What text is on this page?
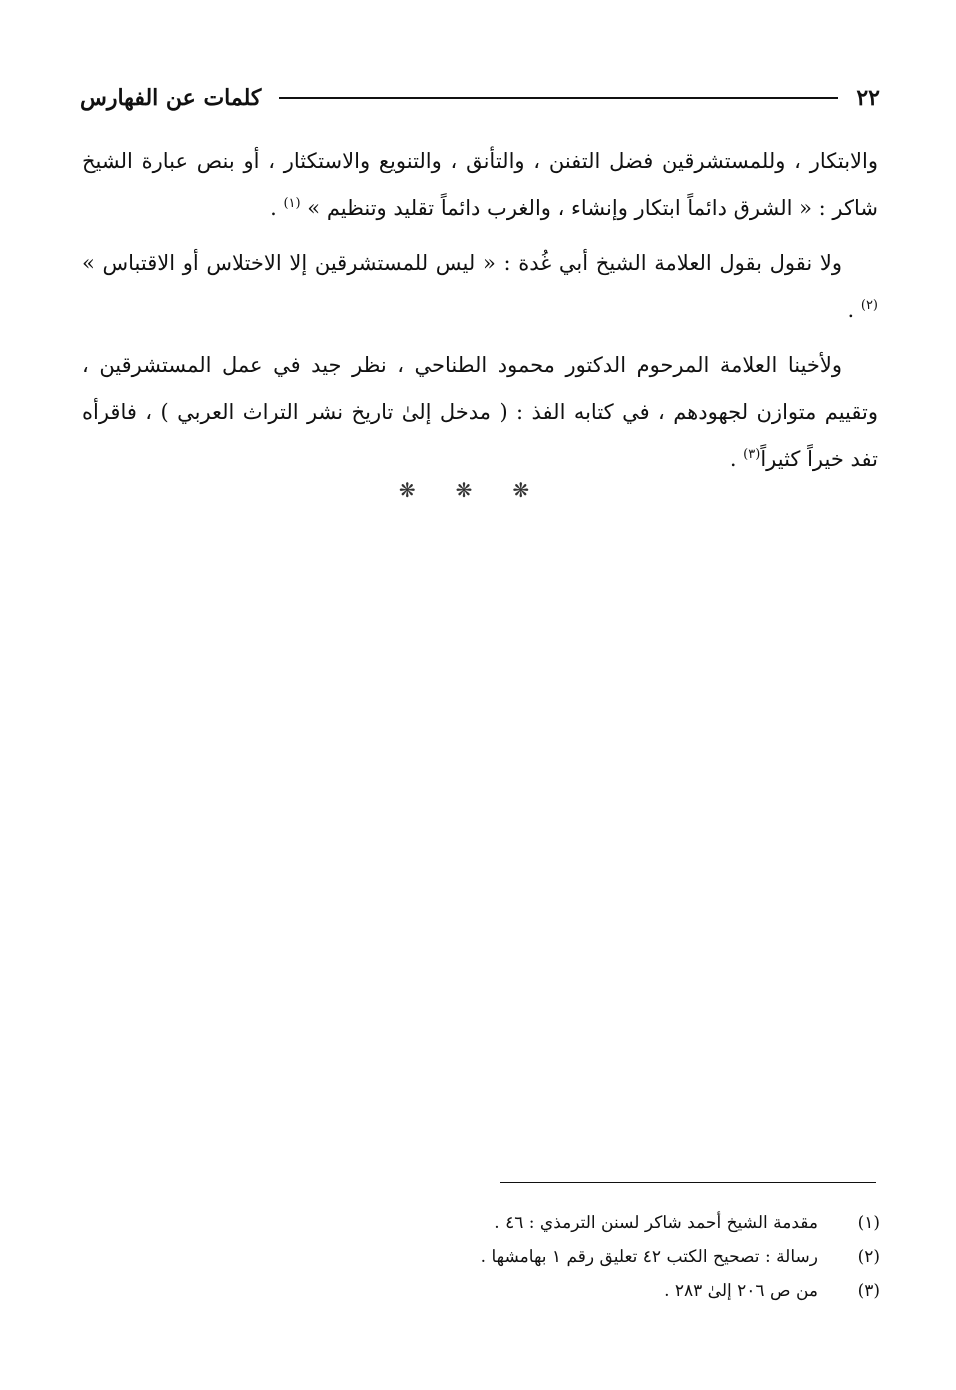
٢٢
كلمات عن الفهارس

والابتكار ، وللمستشرقين فضل التفنن ، والتأنق ، والتنويع والاستكثار ، أو بنص عبارة الشيخ شاكر : « الشرق دائماً ابتكار وإنشاء ، والغرب دائماً تقليد وتنظيم » $^{(١)}$ .

ولا نقول بقول العلامة الشيخ أبي غُدة : « ليس للمستشرقين إلا الاختلاس أو الاقتباس » $^{(٢)}$ .

ولأخينا العلامة المرحوم الدكتور محمود الطناحي ، نظر جيد في عمل المستشرقين ، وتقييم متوازن لجهودهم ، في كتابه الفذ : ( مدخل إلىٰ تاريخ نشر التراث العربي ) ، فاقرأه تفد خيراً كثيراً$^{(٣)}$ .

❋❋❋
(١)
مقدمة الشيخ أحمد شاكر لسنن الترمذي : ٤٦ .
(٢)
رسالة : تصحيح الكتب ٤٢ تعليق رقم ١ بهامشها .
(٣)
من ص ٢٠٦ إلىٰ ٢٨٣ .
